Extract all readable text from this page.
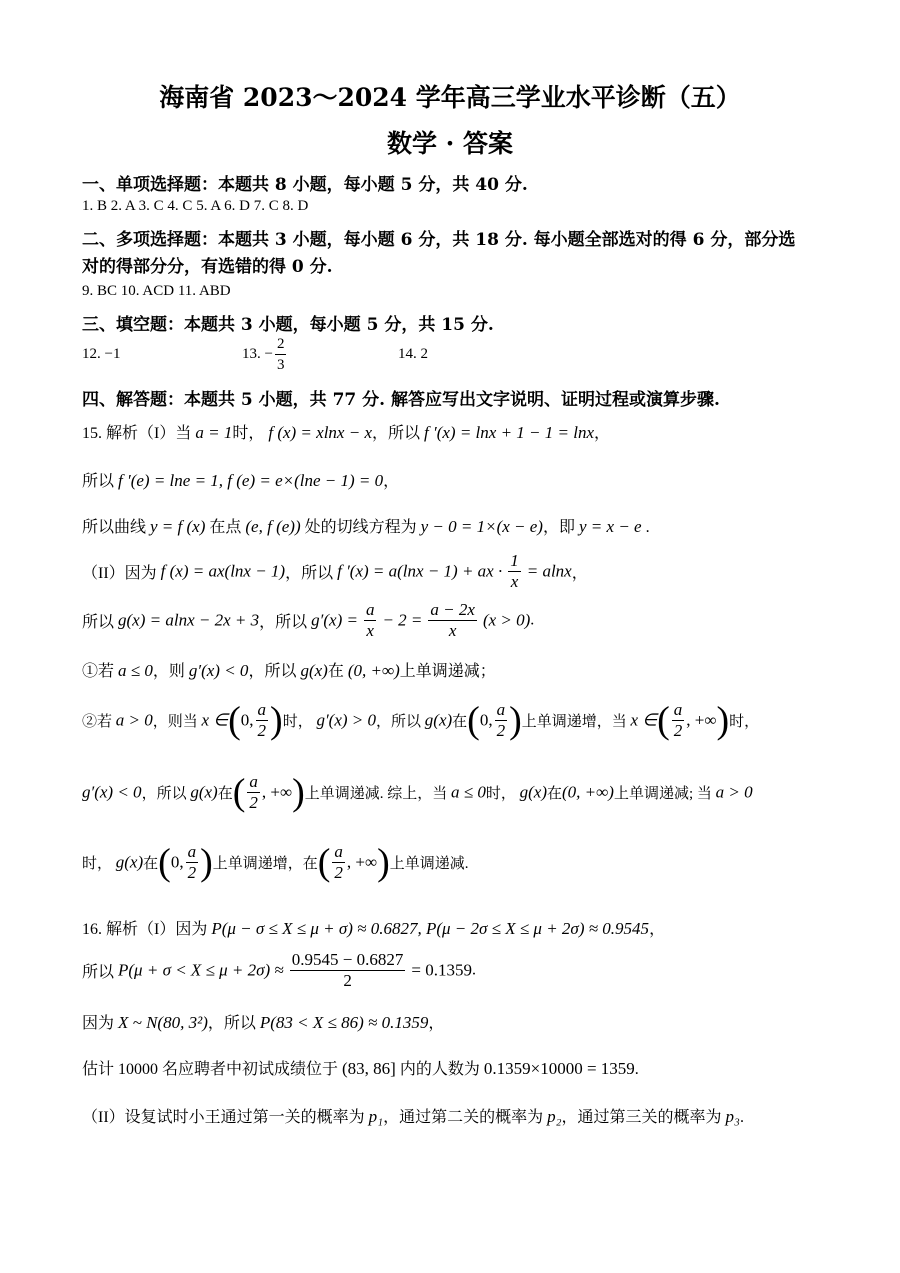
海南省 2023～2024 学年高三学业水平诊断（五）
数学 · 答案
一、单项选择题：本题共 8 小题，每小题 5 分，共 40 分.
1. B 2. A 3. C 4. C 5. A 6. D 7. C 8. D
二、多项选择题：本题共 3 小题，每小题 6 分，共 18 分. 每小题全部选对的得 6 分，部分选
对的得部分分，有选错的得 0 分.
9. BC 10. ACD 11. ABD
三、填空题：本题共 3 小题，每小题 5 分，共 15 分.
12. −1	13. − $\frac{2}{3}$	14. 2
四、解答题：本题共 5 小题，共 77 分. 解答应写出文字说明、证明过程或演算步骤.
15. 解析（I）当 a = 1时， f (x) = xlnx − x，所以 f ′(x) = lnx + 1 − 1 = lnx，
所以 f ′(e) = lne = 1, f (e) = e×(lne − 1) = 0，
所以曲线 y = f (x) 在点 (e, f (e)) 处的切线方程为 y − 0 = 1×(x − e)，即 y = x − e .
（II）因为 f (x) = ax(lnx − 1)，所以 f ′(x) = a(lnx − 1) + ax · $\frac{1}{x} = alnx$，
所以 g(x) = alnx − 2x + 3，所以 $g'(x) = \frac{a}{x} - 2 = \frac{a - 2x}{x} (x > 0)$.
①若 a ≤ 0，则 g′(x) < 0，所以 g(x)在 (0, +∞)上单调递减；
②若 a > 0，则当 x ∈(0, $\frac{a}{2}$ )时， g′(x) > 0，所以 g(x)在(0, $\frac{a}{2}$ )上单调递增，当 x ∈( $\frac{a}{2}$ , +∞)时，
g′(x) < 0，所以 g(x)在( $\frac{a}{2}$ , +∞)上单调递减. 综上，当 a ≤ 0时， g(x)在(0, +∞)上单调递减; 当 a > 0
时， g(x)在(0, $\frac{a}{2}$ )上单调递增，在( $\frac{a}{2}$ , +∞)上单调递减.
16. 解析（I）因为 P(μ − σ ≤ X ≤ μ + σ) ≈ 0.6827, P(μ − 2σ ≤ X ≤ μ + 2σ) ≈ 0.9545，
所以 $P(\mu + \sigma < X \le \mu + 2\sigma) \approx \frac{0.9545 - 0.6827}{2} = 0.1359$.
因为 X ~ N(80, 3²)，所以 P(83 < X ≤ 86) ≈ 0.1359，
估计 10000 名应聘者中初试成绩位于 (83, 86] 内的人数为 0.1359×10000 = 1359.
（II）设复试时小王通过第一关的概率为 p₁，通过第二关的概率为 p₂，通过第三关的概率为 p₃.
